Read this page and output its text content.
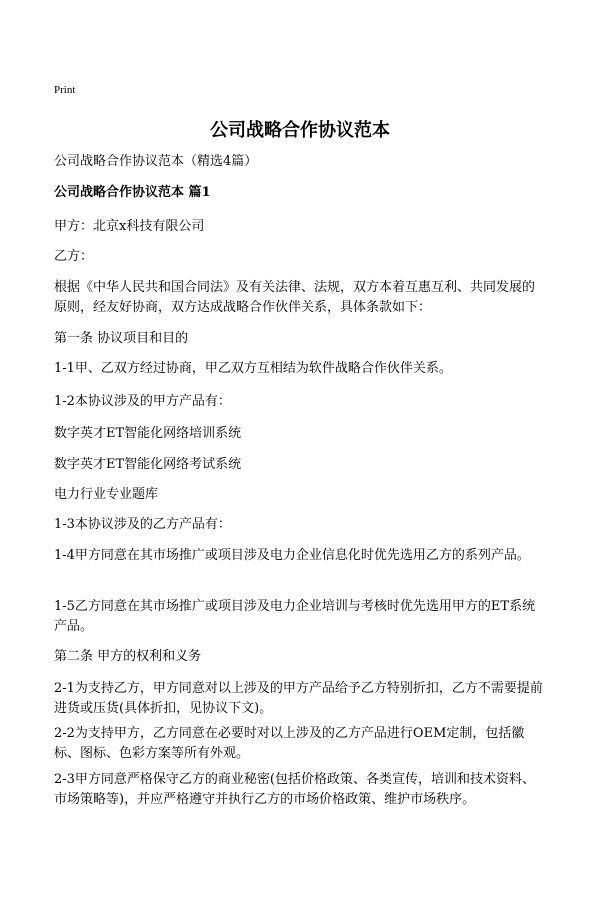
Print
公司战略合作协议范本

公司战略合作协议范本（精选4篇）

公司战略合作协议范本 篇1

甲方：北京x科技有限公司

乙方：

根据《中华人民共和国合同法》及有关法律、法规，双方本着互惠互利、共同发展的原则，经友好协商，双方达成战略合作伙伴关系，具体条款如下：

第一条 协议项目和目的

1-1甲、乙双方经过协商，甲乙双方互相结为软件战略合作伙伴关系。

1-2本协议涉及的甲方产品有：

数字英才ET智能化网络培训系统

数字英才ET智能化网络考试系统

电力行业专业题库

1-3本协议涉及的乙方产品有：

1-4甲方同意在其市场推广或项目涉及电力企业信息化时优先选用乙方的系列产品。

1-5乙方同意在其市场推广或项目涉及电力企业培训与考核时优先选用甲方的ET系统产品。

第二条 甲方的权利和义务

2-1为支持乙方，甲方同意对以上涉及的甲方产品给予乙方特别折扣，乙方不需要提前进货或压货(具体折扣，见协议下文)。

2-2为支持甲方，乙方同意在必要时对以上涉及的乙方产品进行OEM定制，包括徽标、图标、色彩方案等所有外观。

2-3甲方同意严格保守乙方的商业秘密(包括价格政策、各类宣传，培训和技术资料、市场策略等)，并应严格遵守并执行乙方的市场价格政策、维护市场秩序。
